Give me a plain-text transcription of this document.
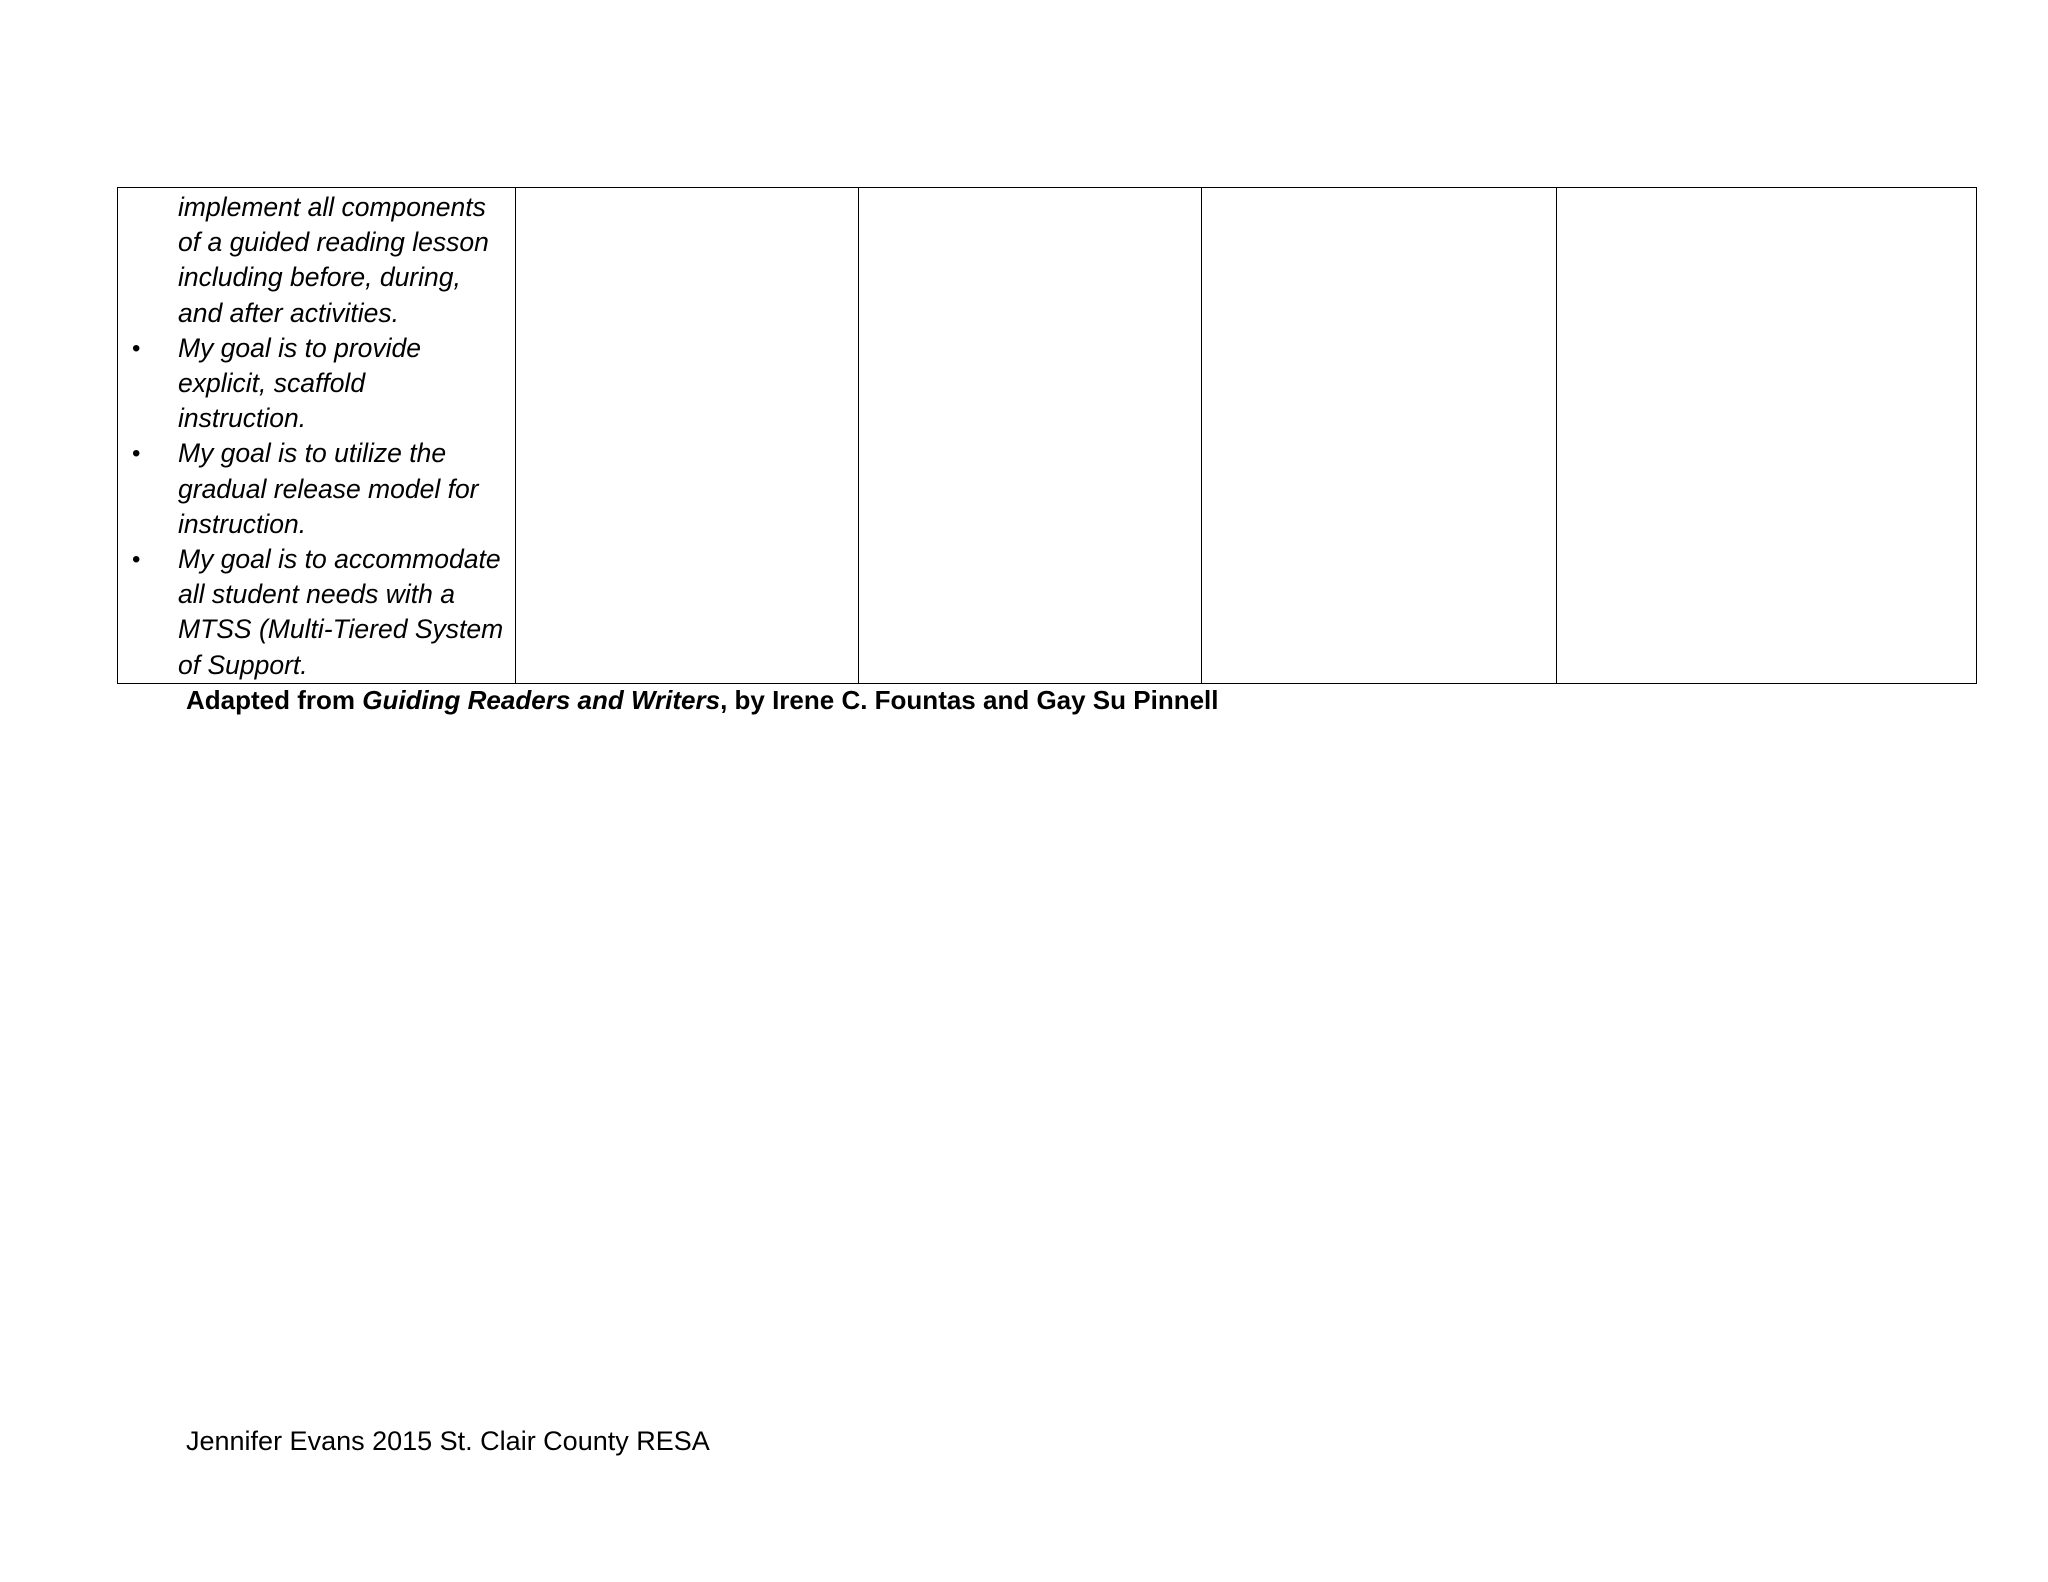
implement all components
of a guided reading lesson
including before, during,
and after activities.
• My goal is to provide
explicit, scaffold
instruction.
• My goal is to utilize the
gradual release model for
instruction.
• My goal is to accommodate
all student needs with a
MTSS (Multi-Tiered System
of Support.

Adapted from Guiding Readers and Writers, by Irene C. Fountas and Gay Su Pinnell
Jennifer Evans 2015 St. Clair County RESA
